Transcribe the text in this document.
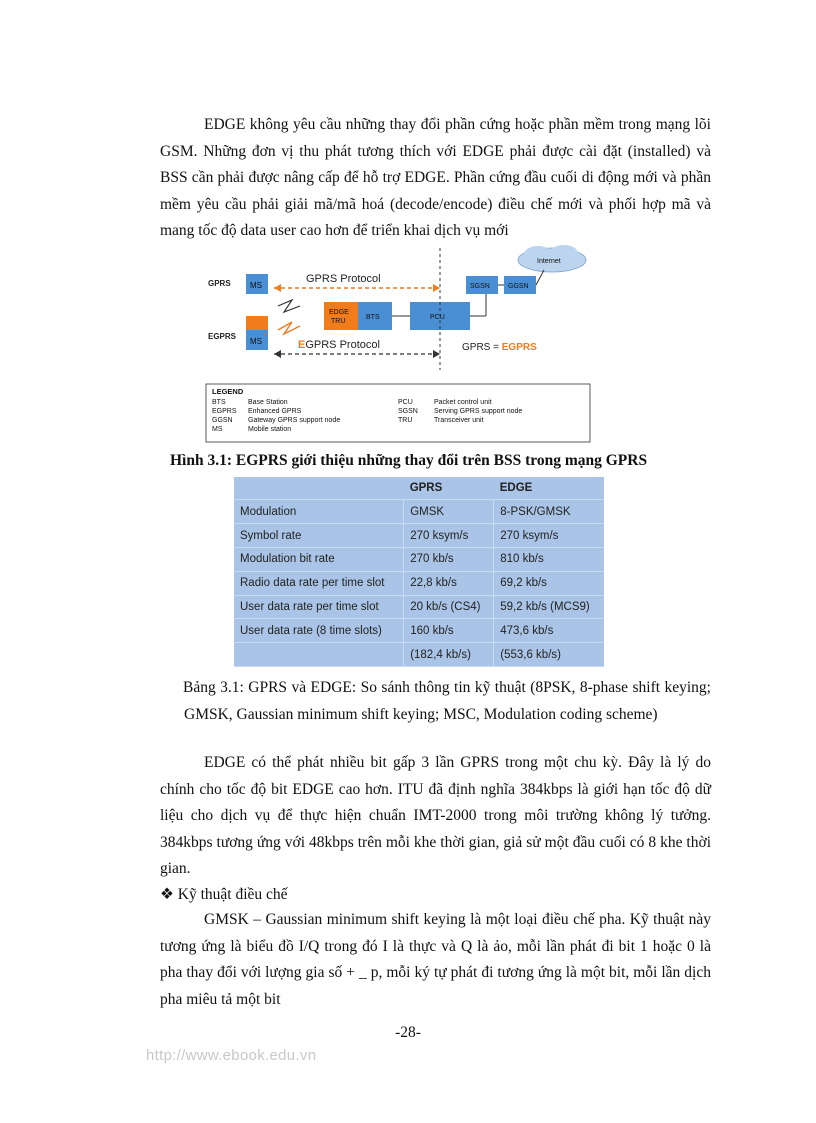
EDGE không yêu cầu những thay đổi phần cứng hoặc phần mềm trong mạng lõi GSM. Những đơn vị thu phát tương thích với EDGE phải được cài đặt (installed) và BSS cần phải được nâng cấp để hỗ trợ EDGE. Phần cứng đầu cuối di động mới và phần mềm yêu cầu phải giải mã/mã hoá (decode/encode) điều chế mới và phối hợp mã và mang tốc độ data user cao hơn để triển khai dịch vụ mới

GPRS
EGPRS
MS
MS
GPRS Protocol
EDGE
TRU
BTS	PCU
SGSN	GGSN
Internet
EGPRS Protocol	GPRS = EGPRS
LEGEND
BTS	Base Station
EGPRS Enhanced GPRS
GGSN Gateway GPRS support node
MS	Mobile station
PCU	Packet control unit
SGSN Serving GPRS support node
TRU	Transceiver unit
Hình 3.1: EGPRS giới thiệu những thay đổi trên BSS trong mạng GPRS
	GPRS	EDGE
Modulation	GMSK	8-PSK/GMSK
Symbol rate	270 ksym/s	270 ksym/s
Modulation bit rate	270 kb/s	810 kb/s
Radio data rate per time slot	22,8 kb/s	69,2 kb/s
User data rate per time slot	20 kb/s (CS4)	59,2 kb/s (MCS9)
User data rate (8 time slots)	160 kb/s	473,6 kb/s
	(182,4 kb/s)	(553,6 kb/s)

Bảng 3.1: GPRS và EDGE: So sánh thông tin kỹ thuật (8PSK, 8-phase shift keying; GMSK, Gaussian minimum shift keying; MSC, Modulation coding scheme)

EDGE có thể phát nhiều bit gấp 3 lần GPRS trong một chu kỳ. Đây là lý do chính cho tốc độ bit EDGE cao hơn. ITU đã định nghĩa 384kbps là giới hạn tốc độ dữ liệu cho dịch vụ để thực hiện chuẩn IMT-2000 trong môi trường không lý tưởng. 384kbps tương ứng với 48kbps trên mỗi khe thời gian, giả sử một đầu cuối có 8 khe thời gian.

❖ Kỹ thuật điều chế

GMSK – Gaussian minimum shift keying là một loại điều chế pha. Kỹ thuật này tương ứng là biểu đồ I/Q trong đó I là thực và Q là ảo, mỗi lần phát đi bit 1 hoặc 0 là pha thay đổi với lượng gia số + _ p, mỗi ký tự phát đi tương ứng là một bit, mỗi lần dịch pha miêu tả một bit

-28-
http://www.ebook.edu.vn
